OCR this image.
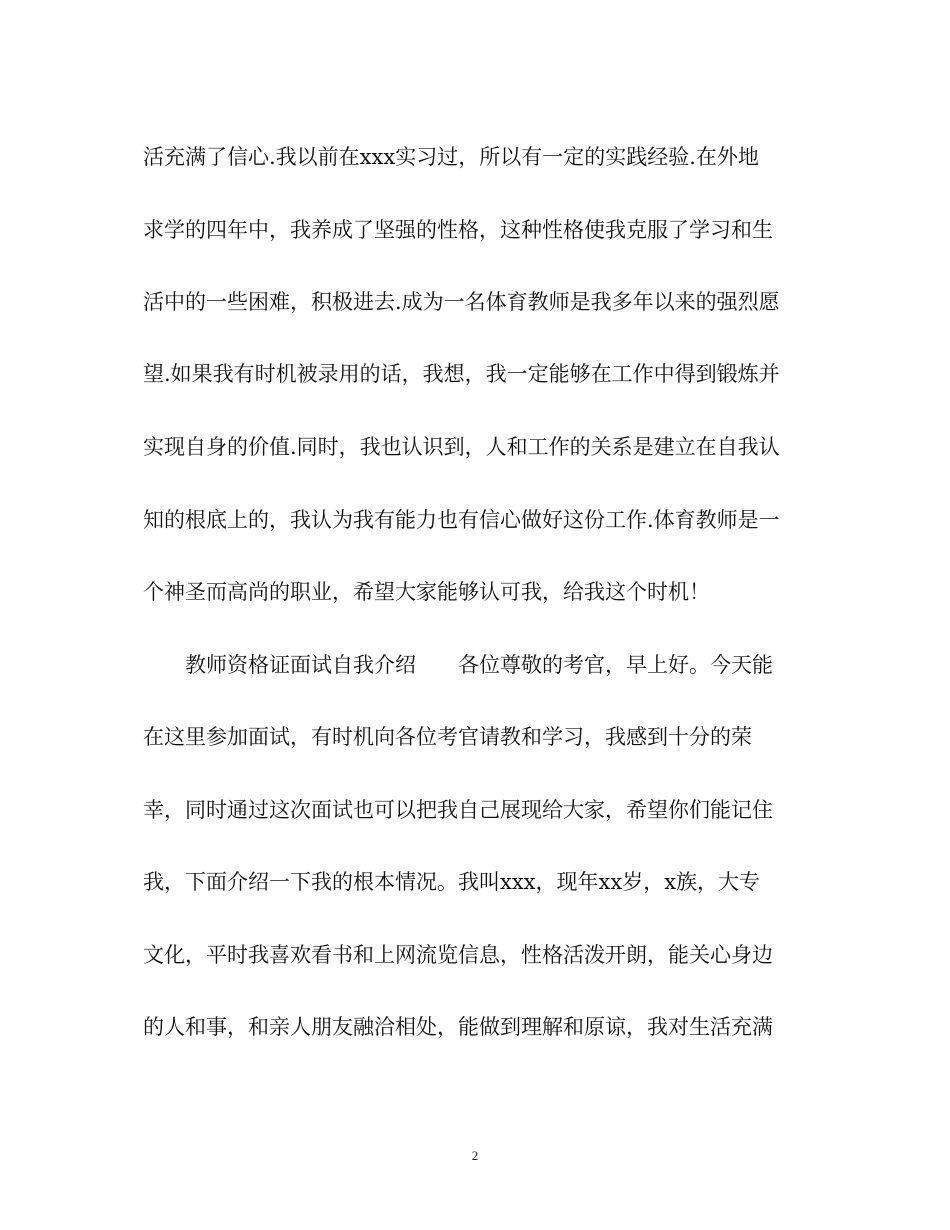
活充满了信心.我以前在xxx实习过，所以有一定的实践经验.在外地
求学的四年中，我养成了坚强的性格，这种性格使我克服了学习和生
活中的一些困难，积极进去.成为一名体育教师是我多年以来的强烈愿
望.如果我有时机被录用的话，我想，我一定能够在工作中得到锻炼并
实现自身的价值.同时，我也认识到，人和工作的关系是建立在自我认
知的根底上的，我认为我有能力也有信心做好这份工作.体育教师是一
个神圣而高尚的职业，希望大家能够认可我，给我这个时机！
　　教师资格证面试自我介绍　　各位尊敬的考官，早上好。今天能
在这里参加面试，有时机向各位考官请教和学习，我感到十分的荣
幸，同时通过这次面试也可以把我自己展现给大家，希望你们能记住
我，下面介绍一下我的根本情况。我叫xxx，现年xx岁，x族，大专
文化，平时我喜欢看书和上网流览信息，性格活泼开朗，能关心身边
的人和事，和亲人朋友融洽相处，能做到理解和原谅，我对生活充满
2
